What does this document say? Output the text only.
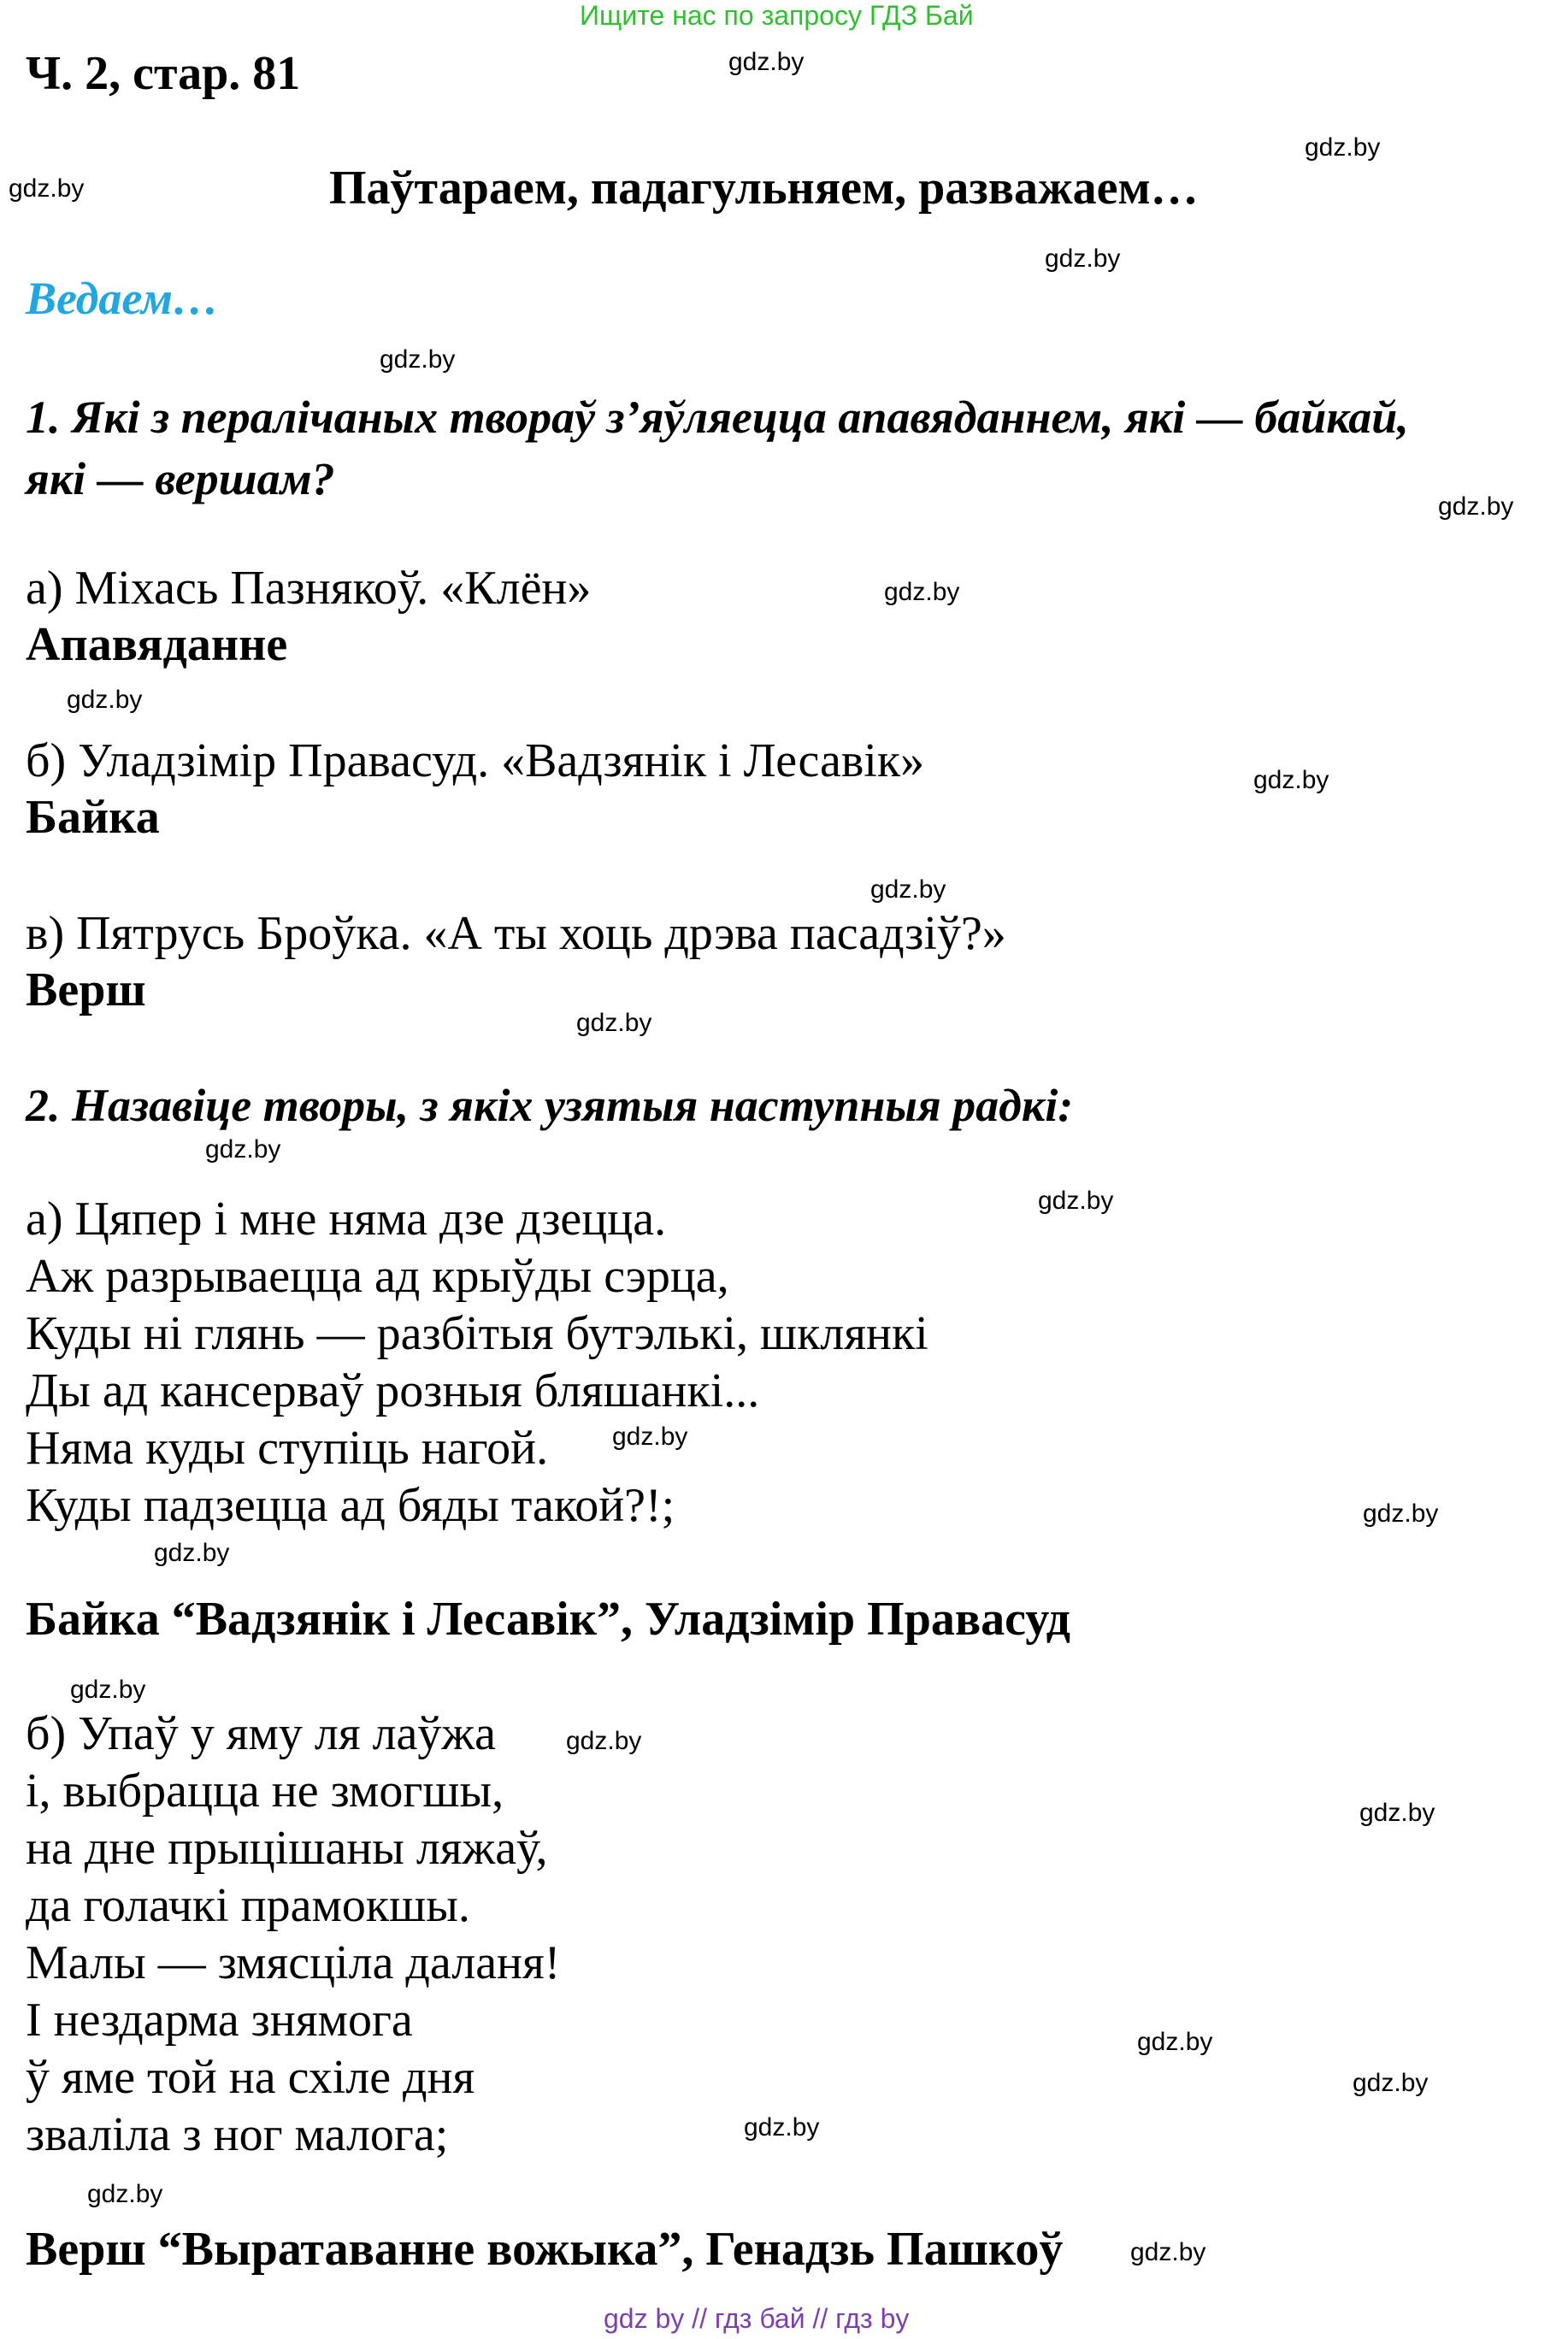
Ищите нас по запросу ГДЗ Бай
Ч. 2, стар. 81
Паўтараем, падагульняем, разважаем…
Ведаем…
1. Які з пералічаных твораў з’яўляецца апавяданнем, які — байкай,
які — вершам?
а) Міхась Пазнякоў. «Клён»
Апавяданне
б) Уладзімір Правасуд. «Вадзянік і Лесавік»
Байка
в) Пятрусь Броўка. «А ты хоць дрэва пасадзіў?»
Верш
2. Назавіце творы, з якіх узятыя наступныя радкі:
а) Цяпер і мне няма дзе дзецца.
Аж разрываецца ад крыўды сэрца,
Куды ні глянь — разбітыя бутэлькі, шклянкі
Ды ад кансерваў розныя бляшанкі...
Няма куды ступіць нагой.
Куды падзецца ад бяды такой?!;
Байка “Вадзянік і Лесавік”, Уладзімір Правасуд
б) Упаў у яму ля лаўжа
і, выбрацца не змогшы,
на дне прыцішаны ляжаў,
да голачкі прамокшы.
Малы — змясціла даланя!
І нездарма знямога
ў яме той на схіле дня
зваліла з ног малога;
Верш “Выратаванне вожыка”, Генадзь Пашкоў
gdz.by
gdz.by
gdz.by
gdz.by
gdz.by
gdz.by
gdz.by
gdz.by
gdz.by
gdz.by
gdz.by
gdz.by
gdz.by
gdz.by
gdz.by
gdz.by
gdz.by
gdz.by
gdz.by
gdz.by
gdz.by
gdz.by
gdz.by
gdz.by
gdz by // гдз бай // гдз by
